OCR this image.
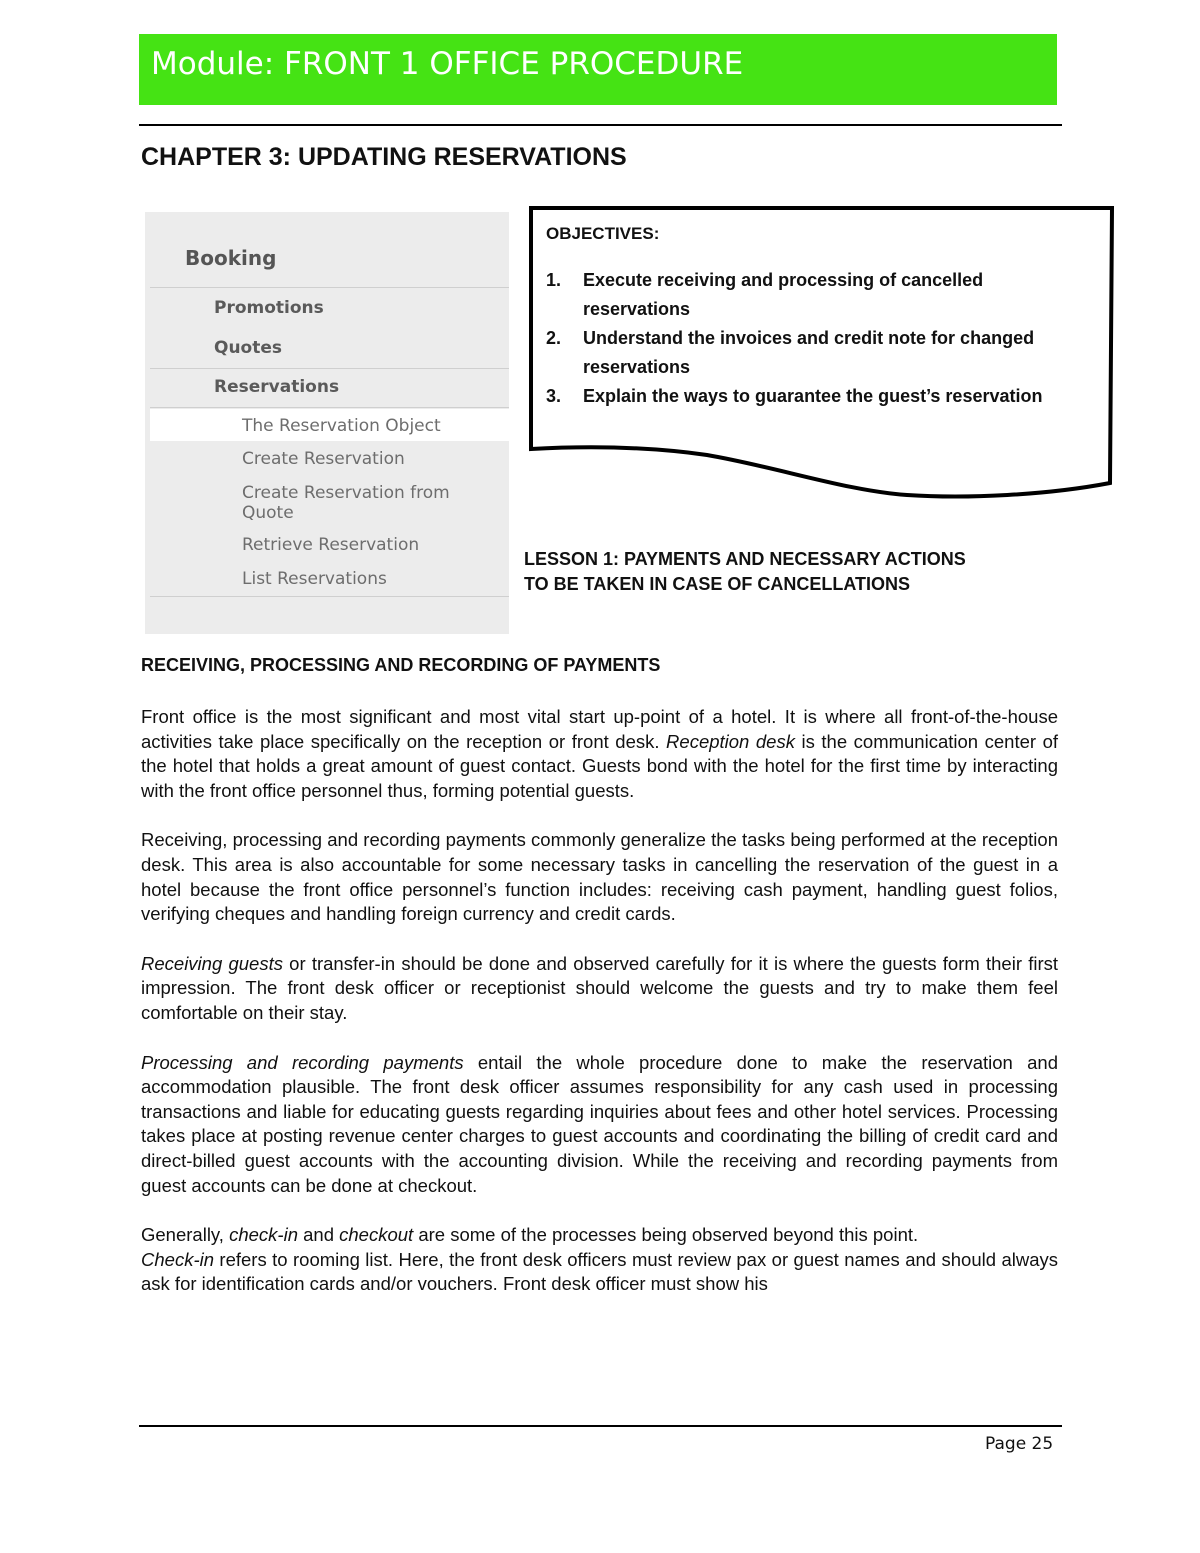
Module: FRONT 1 OFFICE PROCEDURE
CHAPTER 3: UPDATING RESERVATIONS
Booking
Promotions
Quotes
Reservations
The Reservation Object
Create Reservation
Create Reservation from Quote
Retrieve Reservation
List Reservations
OBJECTIVES:
1. Execute receiving and processing of cancelled reservations
2. Understand the invoices and credit note for changed reservations
3. Explain the ways to guarantee the guest’s reservation
LESSON 1: PAYMENTS AND NECESSARY ACTIONS TO BE TAKEN IN CASE OF CANCELLATIONS
RECEIVING, PROCESSING AND RECORDING OF PAYMENTS

Front office is the most significant and most vital start up-point of a hotel. It is where all front-of-the-house activities take place specifically on the reception or front desk. Reception desk is the communication center of the hotel that holds a great amount of guest contact. Guests bond with the hotel for the first time by interacting with the front office personnel thus, forming potential guests.

Receiving, processing and recording payments commonly generalize the tasks being performed at the reception desk. This area is also accountable for some necessary tasks in cancelling the reservation of the guest in a hotel because the front office personnel’s function includes: receiving cash payment, handling guest folios, verifying cheques and handling foreign currency and credit cards.

Receiving guests or transfer-in should be done and observed carefully for it is where the guests form their first impression. The front desk officer or receptionist should welcome the guests and try to make them feel comfortable on their stay.

Processing and recording payments entail the whole procedure done to make the reservation and accommodation plausible. The front desk officer assumes responsibility for any cash used in processing transactions and liable for educating guests regarding inquiries about fees and other hotel services. Processing takes place at posting revenue center charges to guest accounts and coordinating the billing of credit card and direct-billed guest accounts with the accounting division. While the receiving and recording payments from guest accounts can be done at checkout.

Generally, check-in and checkout are some of the processes being observed beyond this point.

Check-in refers to rooming list. Here, the front desk officers must review pax or guest names and should always ask for identification cards and/or vouchers. Front desk officer must show his

Page 25
